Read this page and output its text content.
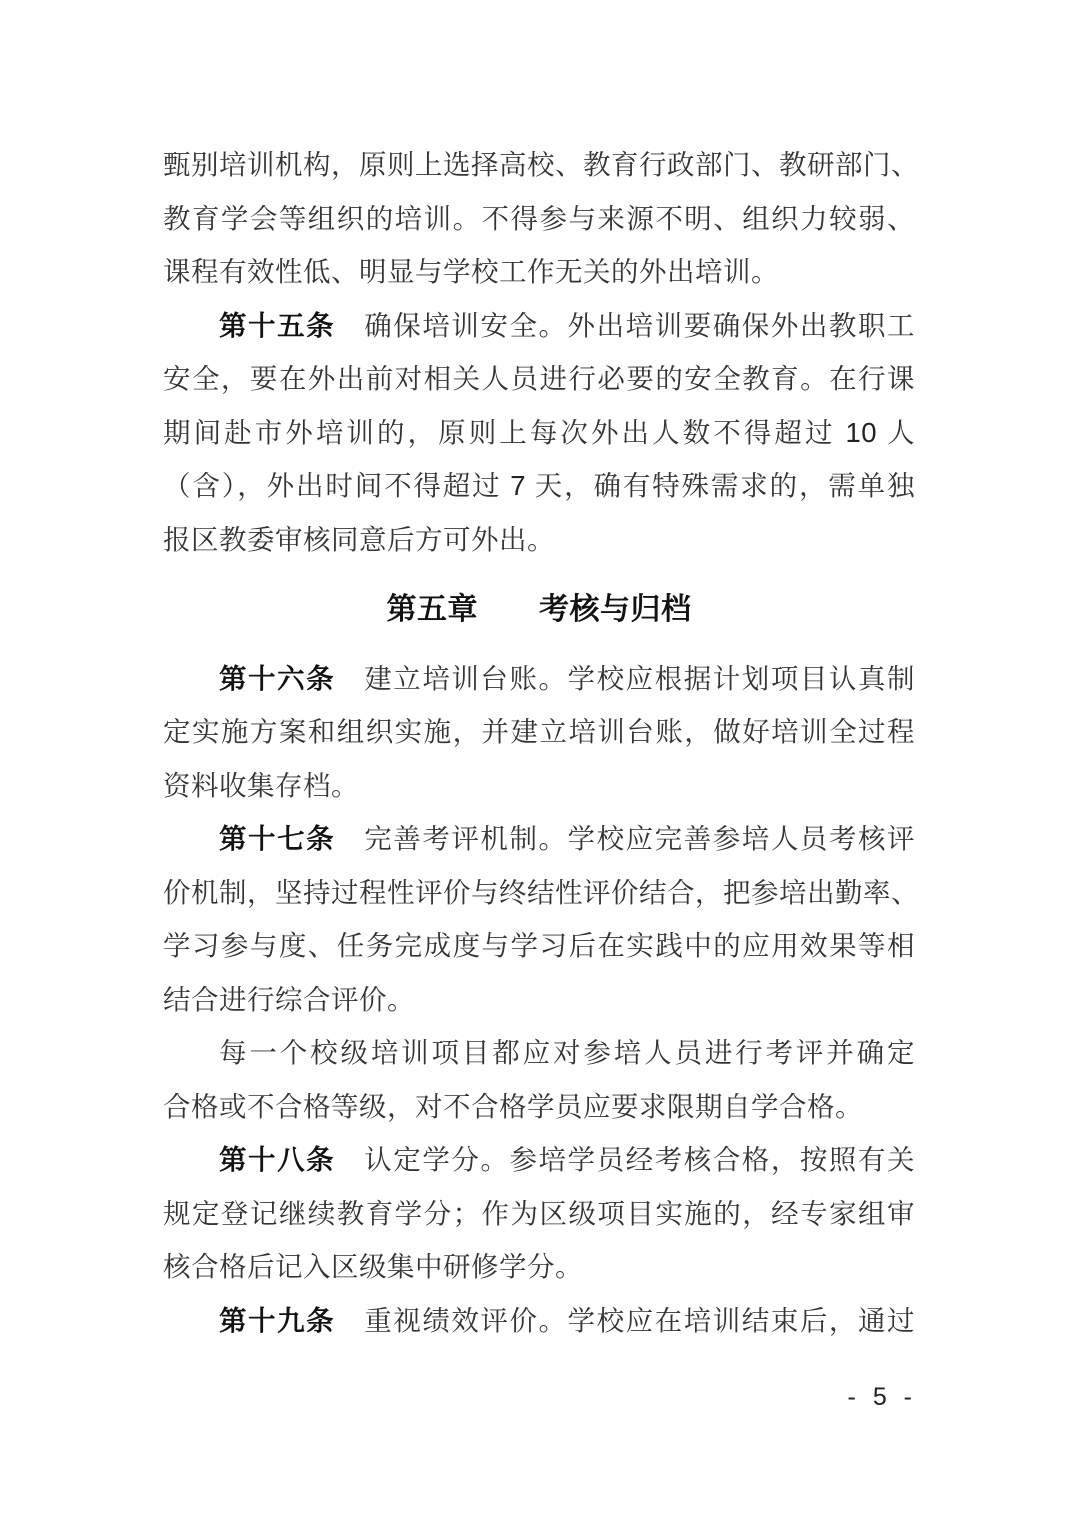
甄别培训机构，原则上选择高校、教育行政部门、教研部门、
教育学会等组织的培训。不得参与来源不明、组织力较弱、
课程有效性低、明显与学校工作无关的外出培训。
第十五条　确保培训安全。外出培训要确保外出教职工
安全，要在外出前对相关人员进行必要的安全教育。在行课
期间赴市外培训的，原则上每次外出人数不得超过 10 人
（含），外出时间不得超过 7 天，确有特殊需求的，需单独
报区教委审核同意后方可外出。
第五章　　 考核与归档
第十六条　建立培训台账。学校应根据计划项目认真制
定实施方案和组织实施，并建立培训台账，做好培训全过程
资料收集存档。
第十七条　完善考评机制。学校应完善参培人员考核评
价机制，坚持过程性评价与终结性评价结合，把参培出勤率、
学习参与度、任务完成度与学习后在实践中的应用效果等相
结合进行综合评价。
每一个校级培训项目都应对参培人员进行考评并确定
合格或不合格等级，对不合格学员应要求限期自学合格。
第十八条　认定学分。参培学员经考核合格，按照有关
规定登记继续教育学分；作为区级项目实施的，经专家组审
核合格后记入区级集中研修学分。
第十九条　重视绩效评价。学校应在培训结束后，通过
- 5 -
